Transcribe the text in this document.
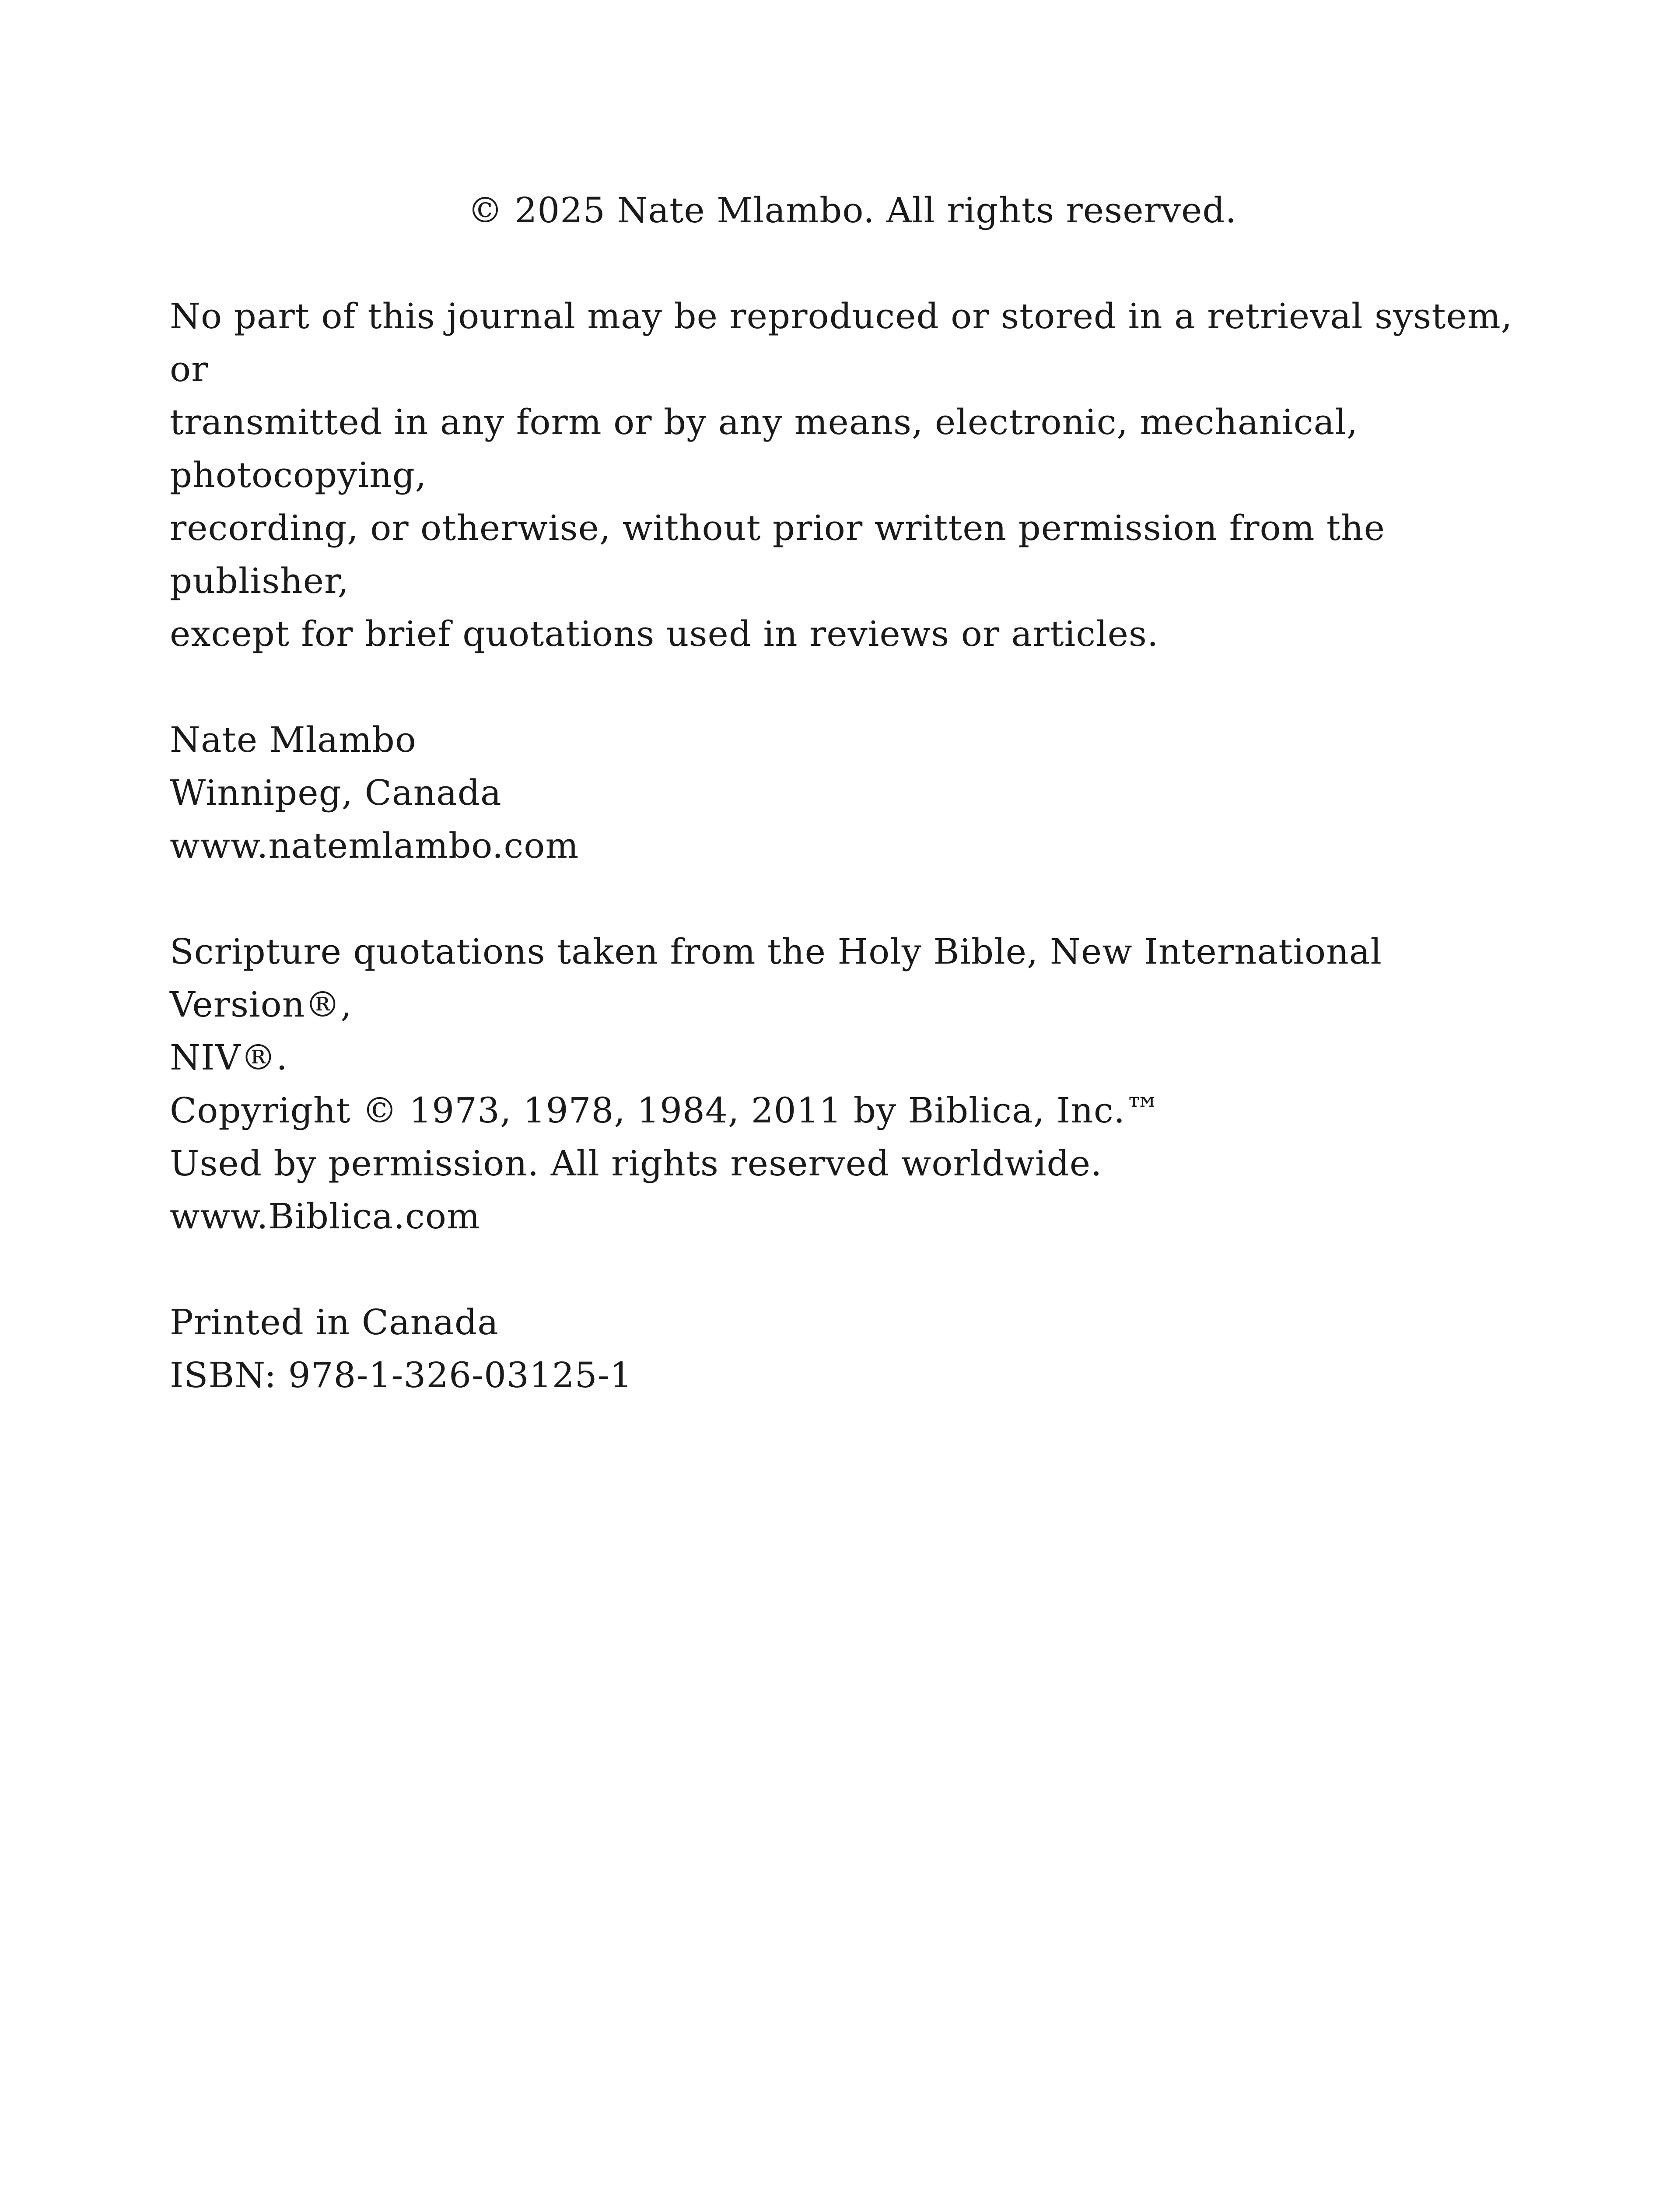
© 2025 Nate Mlambo. All rights reserved.

No part of this journal may be reproduced or stored in a retrieval system, or

transmitted in any form or by any means, electronic, mechanical, photocopying,

recording, or otherwise, without prior written permission from the publisher,

except for brief quotations used in reviews or articles.

Nate Mlambo

Winnipeg, Canada

www.natemlambo.com

Scripture quotations taken from the Holy Bible, New International Version®,

NIV®.

Copyright © 1973, 1978, 1984, 2011 by Biblica, Inc.™

Used by permission. All rights reserved worldwide.

www.Biblica.com

Printed in Canada

ISBN: 978-1-326-03125-1
